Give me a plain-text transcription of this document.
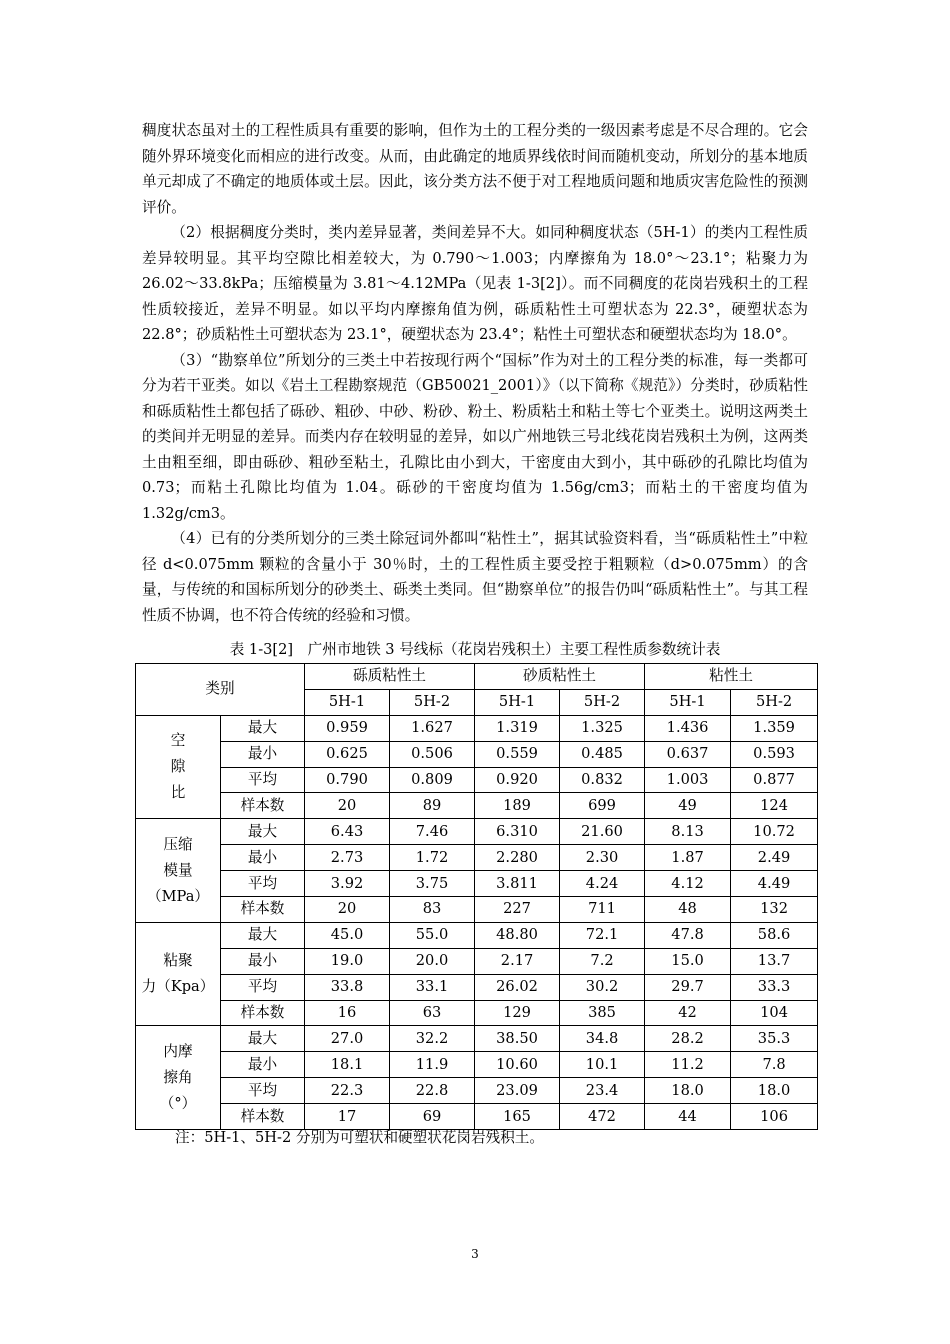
稠度状态虽对土的工程性质具有重要的影响，但作为土的工程分类的一级因素考虑是不尽合理的。它会随外界环境变化而相应的进行改变。从而，由此确定的地质界线依时间而随机变动，所划分的基本地质单元却成了不确定的地质体或土层。因此，该分类方法不便于对工程地质问题和地质灾害危险性的预测评价。

（2）根据稠度分类时，类内差异显著，类间差异不大。如同种稠度状态（5H-1）的类内工程性质差异较明显。其平均空隙比相差较大，为 0.790～1.003；内摩擦角为 18.0°～23.1°；粘聚力为 26.02～33.8kPa；压缩模量为 3.81～4.12MPa（见表 1-3[2]）。而不同稠度的花岗岩残积土的工程性质较接近，差异不明显。如以平均内摩擦角值为例，砾质粘性土可塑状态为 22.3°，硬塑状态为 22.8°；砂质粘性土可塑状态为 23.1°，硬塑状态为 23.4°；粘性土可塑状态和硬塑状态均为 18.0°。

（3）“勘察单位”所划分的三类土中若按现行两个“国标”作为对土的工程分类的标准，每一类都可分为若干亚类。如以《岩土工程勘察规范（GB50021_2001）》（以下简称《规范》）分类时，砂质粘性和砾质粘性土都包括了砾砂、粗砂、中砂、粉砂、粉土、粉质粘土和粘土等七个亚类土。说明这两类土的类间并无明显的差异。而类内存在较明显的差异，如以广州地铁三号北线花岗岩残积土为例，这两类土由粗至细，即由砾砂、粗砂至粘土，孔隙比由小到大，干密度由大到小，其中砾砂的孔隙比均值为 0.73；而粘土孔隙比均值为 1.04。砾砂的干密度均值为 1.56g/cm3；而粘土的干密度均值为 1.32g/cm3。

（4）已有的分类所划分的三类土除冠词外都叫“粘性土”，据其试验资料看，当“砾质粘性土”中粒径 d<0.075mm 颗粒的含量小于 30％时，土的工程性质主要受控于粗颗粒（d>0.075mm）的含量，与传统的和国标所划分的砂类土、砾类土类同。但“勘察单位”的报告仍叫“砾质粘性土”。与其工程性质不协调，也不符合传统的经验和习惯。

表 1-3[2]　广州市地铁 3 号线标（花岗岩残积土）主要工程性质参数统计表
类别		砾质粘性土		砂质粘性土		粘性土	
		5H-1	5H-2	5H-1	5H-2	5H-1	5H-2
空
隙
比	最大	0.959	1.627	1.319	1.325	1.436	1.359
	最小	0.625	0.506	0.559	0.485	0.637	0.593
	平均	0.790	0.809	0.920	0.832	1.003	0.877
	样本数	20	89	189	699	49	124
压缩
模量
（MPa）	最大	6.43	7.46	6.310	21.60	8.13	10.72
	最小	2.73	1.72	2.280	2.30	1.87	2.49
	平均	3.92	3.75	3.811	4.24	4.12	4.49
	样本数	20	83	227	711	48	132
粘聚
力（Kpa）	最大	45.0	55.0	48.80	72.1	47.8	58.6
	最小	19.0	20.0	2.17	7.2	15.0	13.7
	平均	33.8	33.1	26.02	30.2	29.7	33.3
	样本数	16	63	129	385	42	104
内摩
擦角
（°）	最大	27.0	32.2	38.50	34.8	28.2	35.3
	最小	18.1	11.9	10.60	10.1	11.2	7.8
	平均	22.3	22.8	23.09	23.4	18.0	18.0
	样本数	17	69	165	472	44	106
注：5H-1、5H-2 分别为可塑状和硬塑状花岗岩残积土。
3
